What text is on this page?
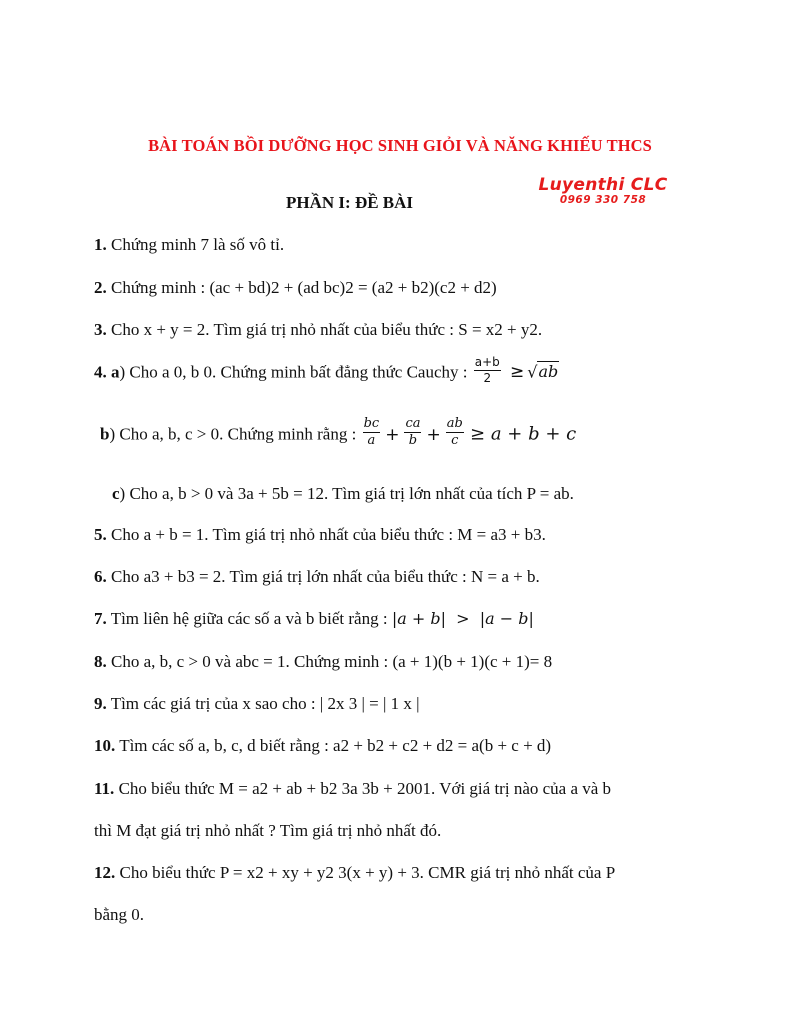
BÀI TOÁN BỒI DƯỠNG HỌC SINH GIỎI VÀ NĂNG KHIẾU THCS
PHẦN I: ĐỀ BÀI
Luyenthi CLC
0969 330 758
1. Chứng minh 7 là số vô tỉ.
2. Chứng minh : (ac + bd)2 + (ad bc)2 = (a2 + b2)(c2 + d2)
3. Cho x + y = 2. Tìm giá trị nhỏ nhất của biểu thức : S = x2 + y2.
4. a) Cho a 0, b 0. Chứng minh bất đẳng thức Cauchy : $\frac{a+b}{2} \ge √ab$
b) Cho a, b, c > 0. Chứng minh rằng : $\frac{bc}{a} + \frac{ca}{b} + \frac{ab}{c} \ge a + b + c$
c) Cho a, b > 0 và 3a + 5b = 12. Tìm giá trị lớn nhất của tích P = ab.
5. Cho a + b = 1. Tìm giá trị nhỏ nhất của biểu thức : M = a3 + b3.
6. Cho a3 + b3 = 2. Tìm giá trị lớn nhất của biểu thức : N = a + b.
7. Tìm liên hệ giữa các số a và b biết rằng : |a + b|  >  |a − b|
8. Cho a, b, c > 0 và abc = 1. Chứng minh : (a + 1)(b + 1)(c + 1)= 8
9. Tìm các giá trị của x sao cho : | 2x 3 | = | 1 x |
10. Tìm các số a, b, c, d biết rằng : a2 + b2 + c2 + d2 = a(b + c + d)
11. Cho biểu thức M = a2 + ab + b2 3a 3b + 2001. Với giá trị nào của a và b
thì M đạt giá trị nhỏ nhất ? Tìm giá trị nhỏ nhất đó.
12. Cho biểu thức P = x2 + xy + y2 3(x + y) + 3. CMR giá trị nhỏ nhất của P
bằng 0.
